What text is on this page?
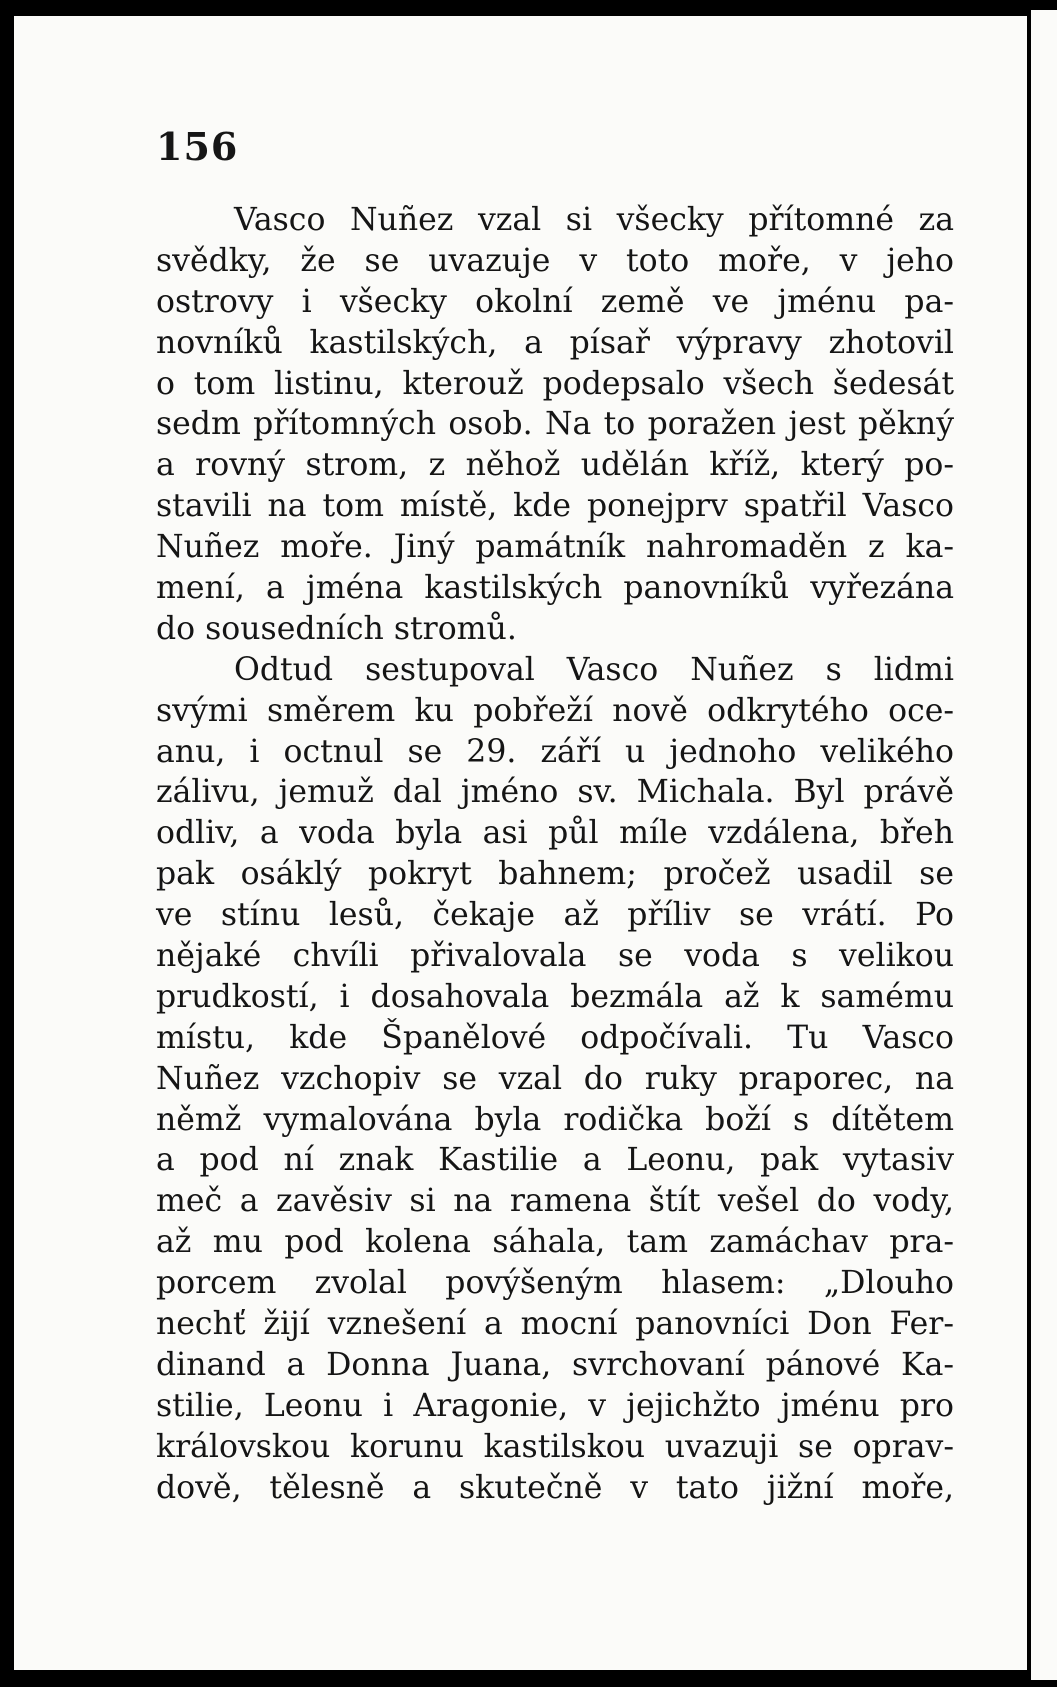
156
Vasco Nuñez vzal si všecky přítomné za
svědky, že se uvazuje v toto moře, v jeho
ostrovy i všecky okolní země ve jménu pa-
novníků kastilských, a písař výpravy zhotovil
o tom listinu, kterouž podepsalo všech šedesát
sedm přítomných osob. Na to poražen jest pěkný
a rovný strom, z něhož udělán kříž, který po-
stavili na tom místě, kde ponejprv spatřil Vasco
Nuñez moře. Jiný památník nahromaděn z ka-
mení, a jména kastilských panovníků vyřezána
do sousedních stromů.
Odtud sestupoval Vasco Nuñez s lidmi
svými směrem ku pobřeží nově odkrytého oce-
anu, i octnul se 29. září u jednoho velikého
zálivu, jemuž dal jméno sv. Michala. Byl právě
odliv, a voda byla asi půl míle vzdálena, břeh
pak osáklý pokryt bahnem; pročež usadil se
ve stínu lesů, čekaje až příliv se vrátí. Po
nějaké chvíli přivalovala se voda s velikou
prudkostí, i dosahovala bezmála až k samému
místu, kde Španělové odpočívali. Tu Vasco
Nuñez vzchopiv se vzal do ruky praporec, na
němž vymalována byla rodička boží s dítětem
a pod ní znak Kastilie a Leonu, pak vytasiv
meč a zavěsiv si na ramena štít vešel do vody,
až mu pod kolena sáhala, tam zamáchav pra-
porcem zvolal povýšeným hlasem: „Dlouho
nechť žijí vznešení a mocní panovníci Don Fer-
dinand a Donna Juana, svrchovaní pánové Ka-
stilie, Leonu i Aragonie, v jejichžto jménu pro
královskou korunu kastilskou uvazuji se oprav-
dově, tělesně a skutečně v tato jižní moře,
